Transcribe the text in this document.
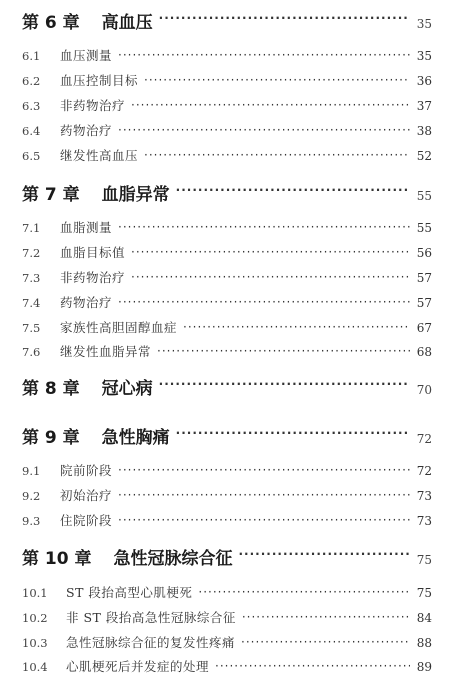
第 6 章 高血压 ·····	35
6.1	血压测量 ·····	35
6.2	血压控制目标 ·····	36
6.3	非药物治疗 ·····	37
6.4	药物治疗 ·····	38
6.5	继发性高血压 ·····	52
第 7 章 血脂异常 ·····	55
7.1	血脂测量 ·····	55
7.2	血脂目标值 ·····	56
7.3	非药物治疗 ·····	57
7.4	药物治疗 ·····	57
7.5	家族性高胆固醇血症 ·····	67
7.6	继发性血脂异常 ·····	68
第 8 章 冠心病 ·····	70
第 9 章 急性胸痛 ·····	72
9.1	院前阶段 ·····	72
9.2	初始治疗 ·····	73
9.3	住院阶段 ·····	73
第 10 章 急性冠脉综合征 ·····	75
10.1	ST 段抬高型心肌梗死 ·····	75
10.2	非 ST 段抬高急性冠脉综合征 ·····	84
10.3	急性冠脉综合征的复发性疼痛 ·····	88
10.4	心肌梗死后并发症的处理 ·····	89
